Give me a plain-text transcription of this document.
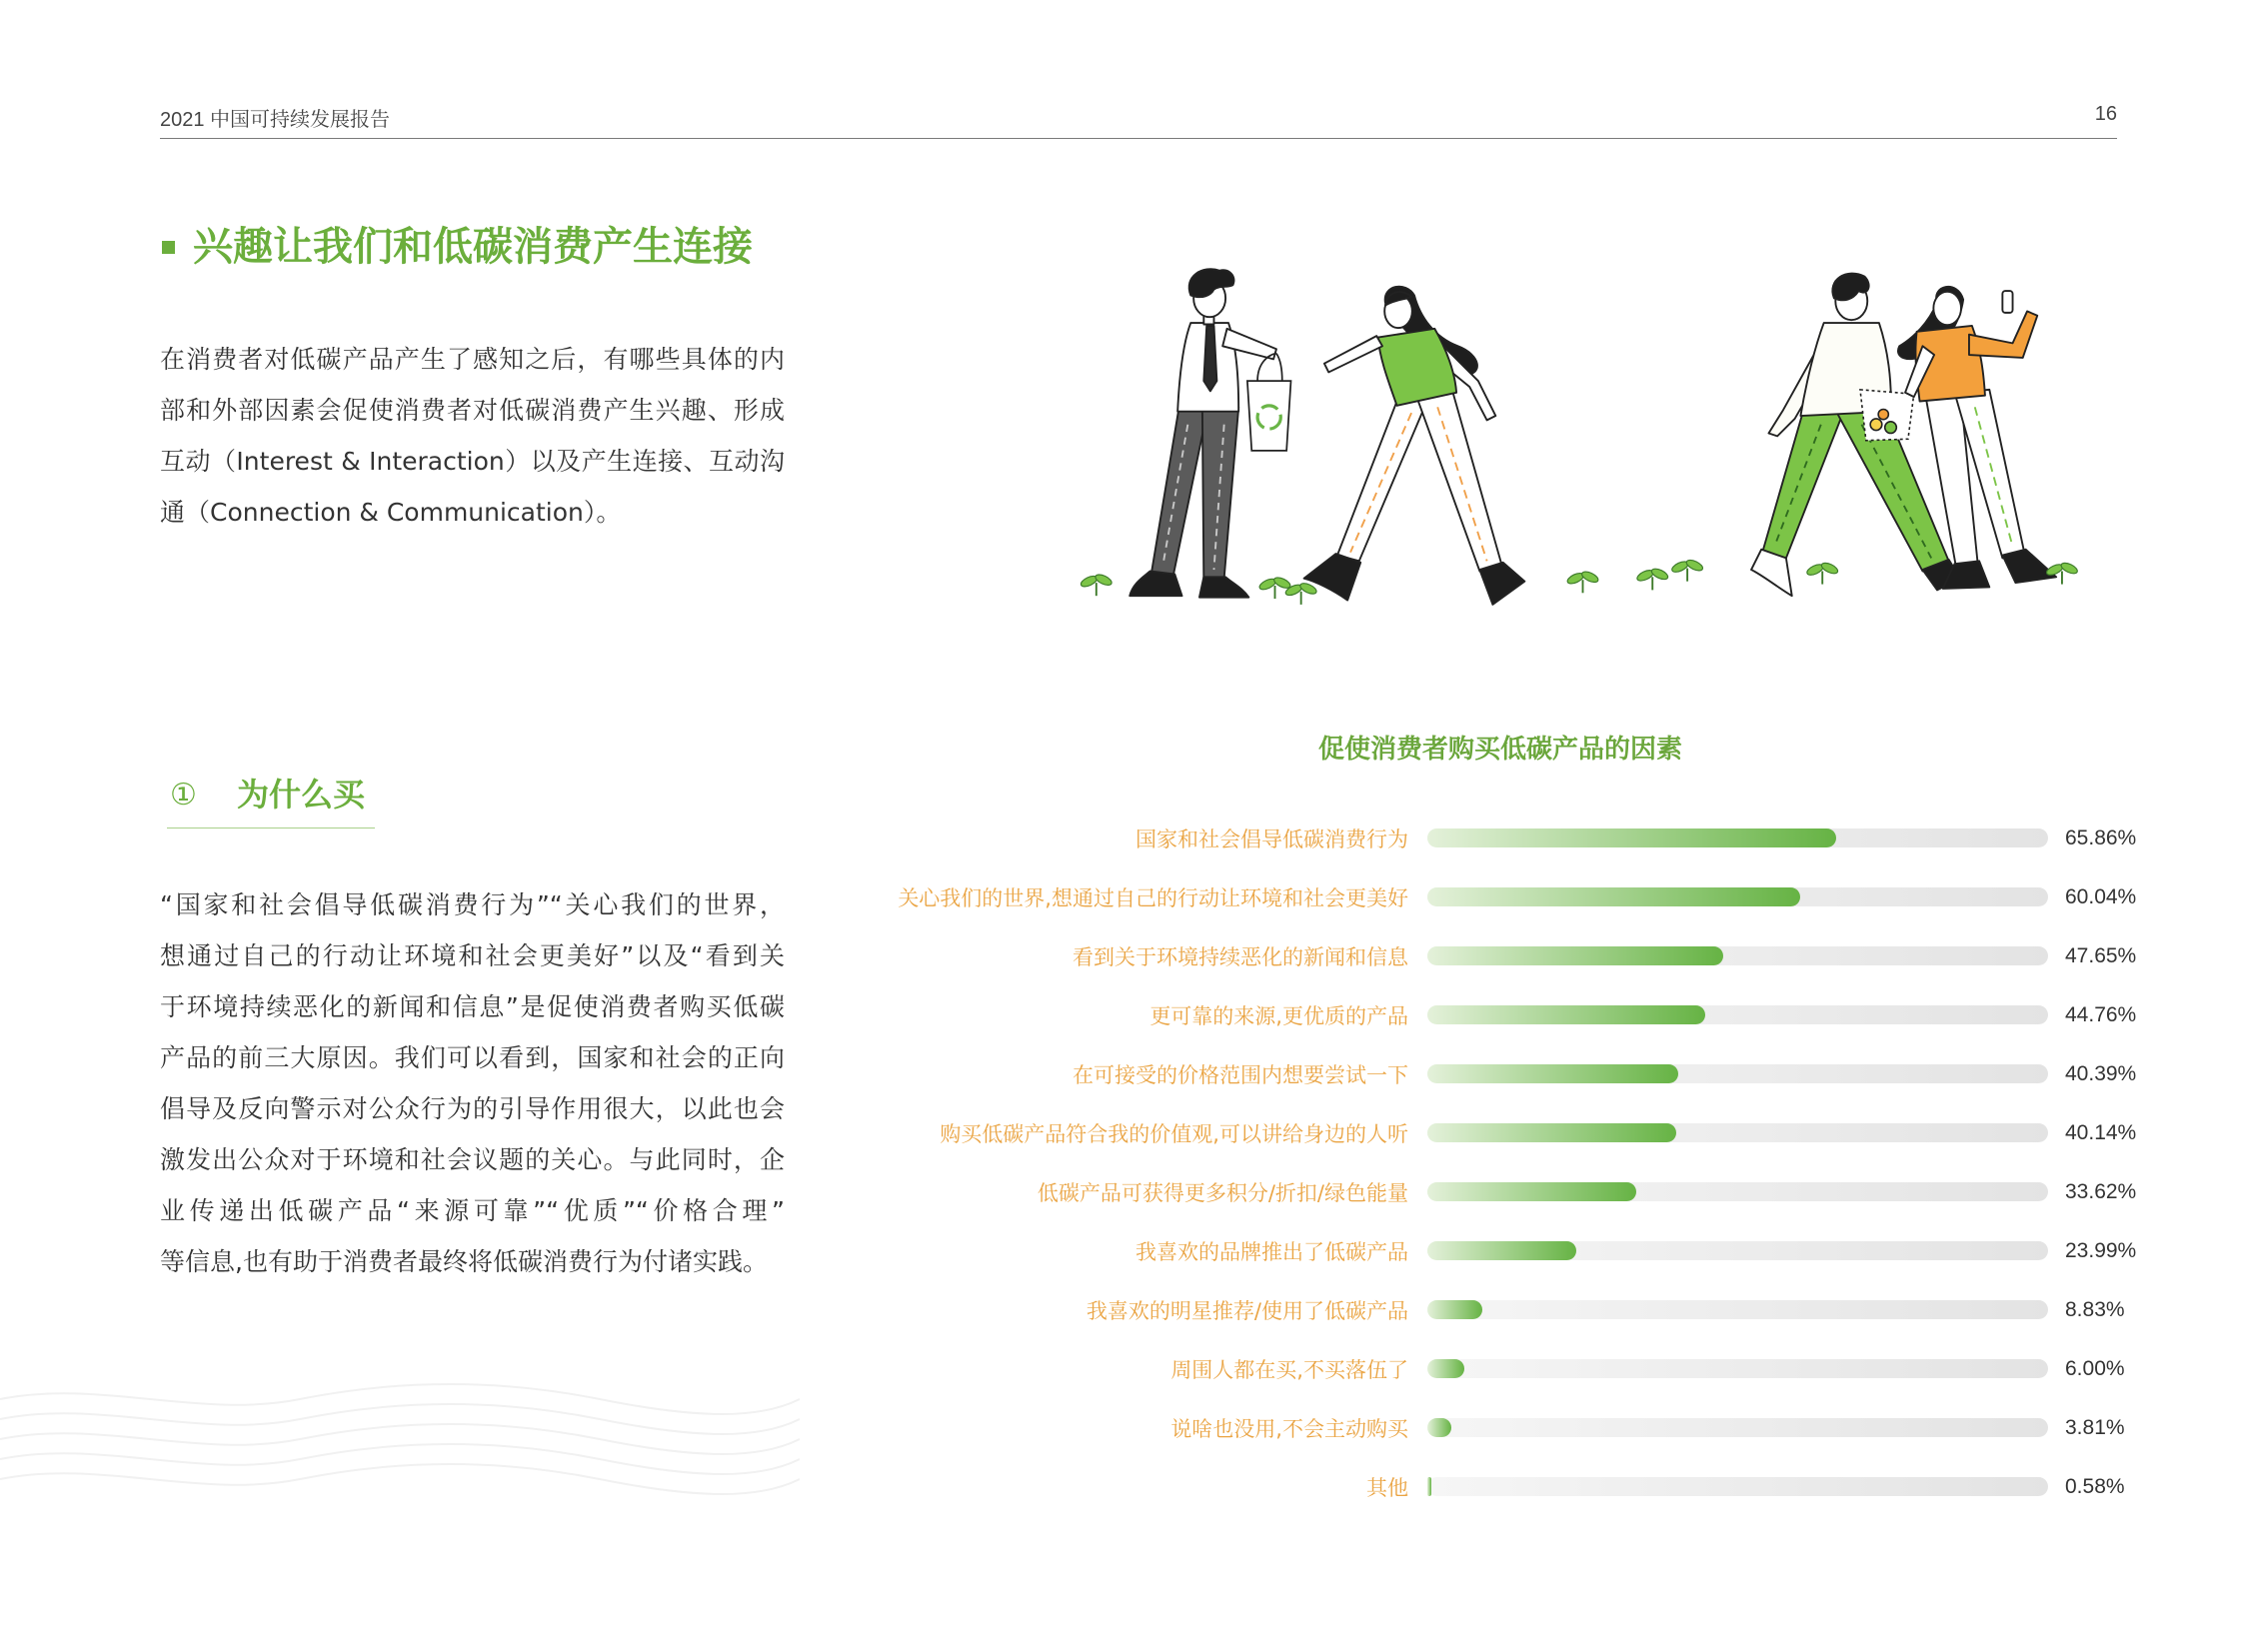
2021 中国可持续发展报告	16
兴趣让我们和低碳消费产生连接
在消费者对低碳产品产生了感知之后，有哪些具体的内
部和外部因素会促使消费者对低碳消费产生兴趣、形成
互动（Interest & Interaction）以及产生连接、互动沟
通（Connection & Communication）。
① 为什么买
“国家和社会倡导低碳消费行为”“关心我们的世界，
想通过自己的行动让环境和社会更美好”以及“看到关
于环境持续恶化的新闻和信息”是促使消费者购买低碳
产品的前三大原因。我们可以看到，国家和社会的正向
倡导及反向警示对公众行为的引导作用很大，以此也会
激发出公众对于环境和社会议题的关心。与此同时，企
业传递出低碳产品“来源可靠”“优质”“价格合理”
等信息,也有助于消费者最终将低碳消费行为付诸实践。
促使消费者购买低碳产品的因素
国家和社会倡导低碳消费行为	65.86%
关心我们的世界,想通过自己的行动让环境和社会更美好	60.04%
看到关于环境持续恶化的新闻和信息	47.65%
更可靠的来源,更优质的产品	44.76%
在可接受的价格范围内想要尝试一下	40.39%
购买低碳产品符合我的价值观,可以讲给身边的人听	40.14%
低碳产品可获得更多积分/折扣/绿色能量	33.62%
我喜欢的品牌推出了低碳产品	23.99%
我喜欢的明星推荐/使用了低碳产品	8.83%
周围人都在买,不买落伍了	6.00%
说啥也没用,不会主动购买	3.81%
其他	0.58%
